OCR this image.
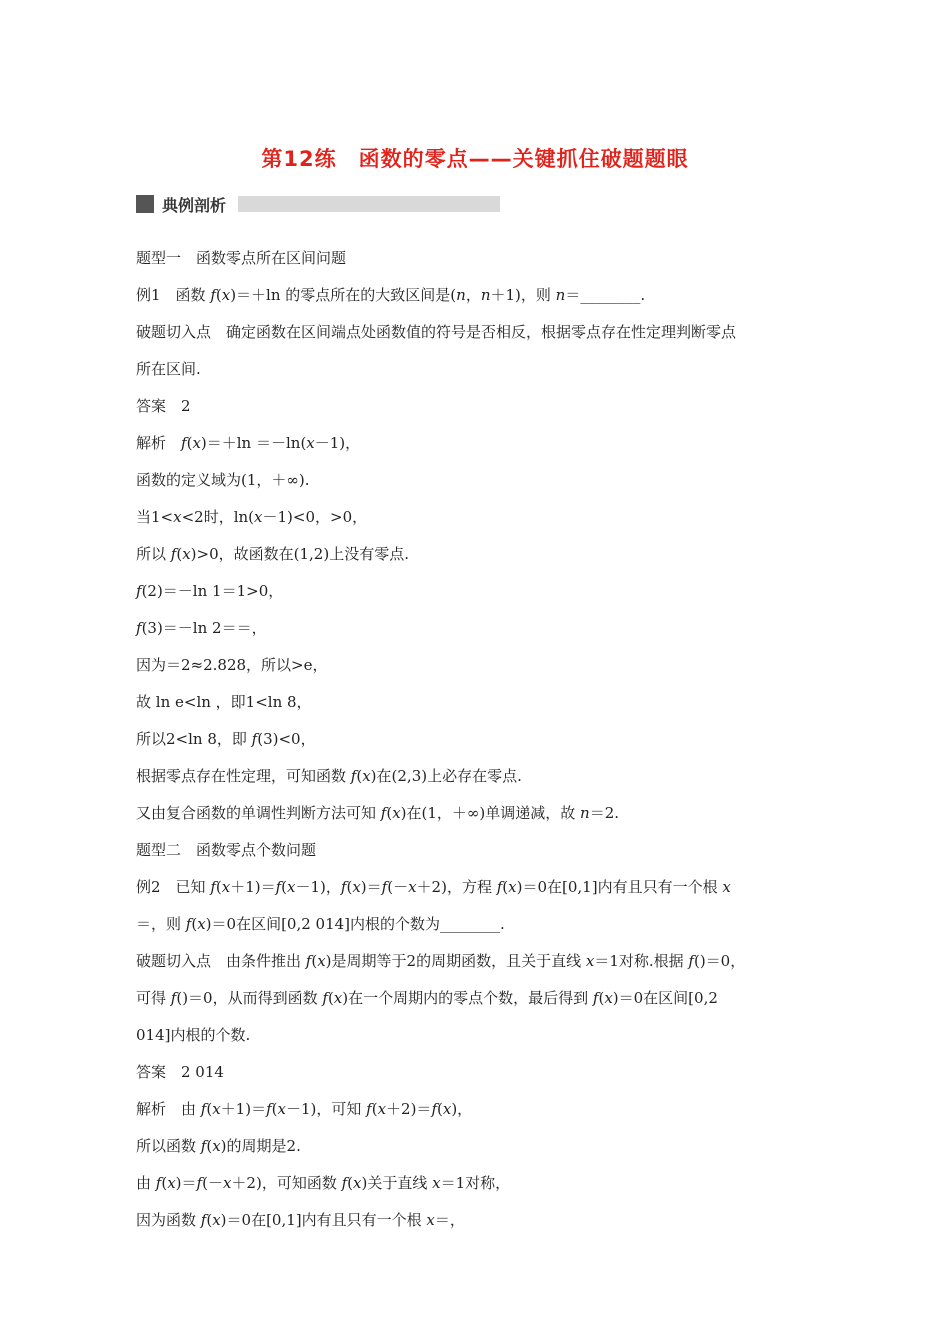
第12练　函数的零点——关键抓住破题题眼
典例剖析
题型一　函数零点所在区间问题
例1　函数 f(x)＝＋ln 的零点所在的大致区间是(n，n＋1)，则 n＝________.
破题切入点　确定函数在区间端点处函数值的符号是否相反，根据零点存在性定理判断零点
所在区间.
答案　2
解析　f(x)＝＋ln ＝－ln(x－1)，
函数的定义域为(1，＋∞).
当1<x<2时，ln(x－1)<0，>0，
所以 f(x)>0，故函数在(1,2)上没有零点.
f(2)＝－ln 1＝1>0，
f(3)＝－ln 2＝＝，
因为＝2≈2.828，所以>e，
故 ln e<ln ，即1<ln 8，
所以2<ln 8，即 f(3)<0，
根据零点存在性定理，可知函数 f(x)在(2,3)上必存在零点.
又由复合函数的单调性判断方法可知 f(x)在(1，＋∞)单调递减，故 n＝2.
题型二　函数零点个数问题
例2　已知 f(x＋1)＝f(x－1)，f(x)＝f(－x＋2)，方程 f(x)＝0在[0,1]内有且只有一个根 x
＝，则 f(x)＝0在区间[0,2 014]内根的个数为________.
破题切入点　由条件推出 f(x)是周期等于2的周期函数，且关于直线 x＝1对称.根据 f()＝0，
可得 f()＝0，从而得到函数 f(x)在一个周期内的零点个数，最后得到 f(x)＝0在区间[0,2
014]内根的个数.
答案　2 014
解析　由 f(x＋1)＝f(x－1)，可知 f(x＋2)＝f(x)，
所以函数 f(x)的周期是2.
由 f(x)＝f(－x＋2)，可知函数 f(x)关于直线 x＝1对称，
因为函数 f(x)＝0在[0,1]内有且只有一个根 x＝，
